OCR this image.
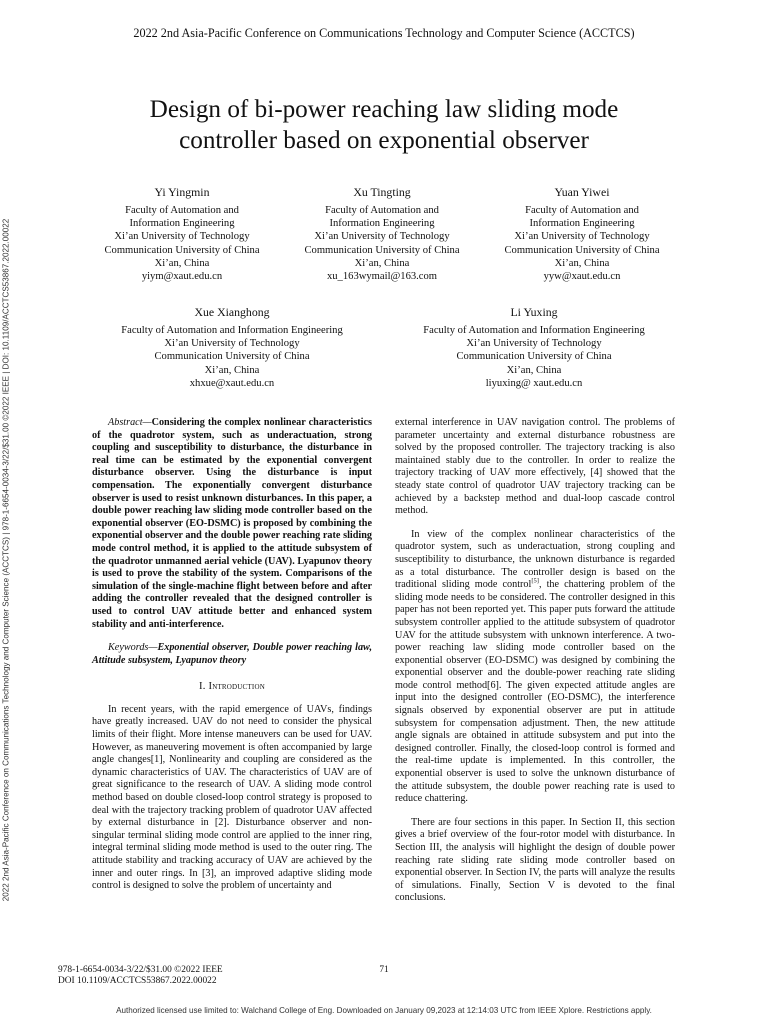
2022 2nd Asia-Pacific Conference on Communications Technology and Computer Science (ACCTCS)
Design of bi-power reaching law sliding mode
controller based on exponential observer
2022 2nd Asia-Pacific Conference on Communications Technology and Computer Science (ACCTCS) | 978-1-6654-0034-3/22/$31.00 ©2022 IEEE | DOI: 10.1109/ACCTCS53867.2022.00022
Yi Yingmin
Faculty of Automation and
Information Engineering
Xi’an University of Technology
Communication University of China
Xi’an, China
yiym@xaut.edu.cn
Xu Tingting
Faculty of Automation and
Information Engineering
Xi’an University of Technology
Communication University of China
Xi’an, China
xu_163wymail@163.com
Yuan Yiwei
Faculty of Automation and
Information Engineering
Xi’an University of Technology
Communication University of China
Xi’an, China
yyw@xaut.edu.cn
Xue Xianghong
Faculty of Automation and Information Engineering
Xi’an University of Technology
Communication University of China
Xi’an, China
xhxue@xaut.edu.cn
Li Yuxing
Faculty of Automation and Information Engineering
Xi’an University of Technology
Communication University of China
Xi’an, China
liyuxing@ xaut.edu.cn

Abstract—Considering the complex nonlinear characteristics of the quadrotor system, such as underactuation, strong coupling and susceptibility to disturbance, the disturbance in real time can be estimated by the exponential convergent disturbance observer. Using the disturbance is input compensation. The exponentially convergent disturbance observer is used to resist unknown disturbances. In this paper, a double power reaching law sliding mode controller based on the exponential observer (EO-DSMC) is proposed by combining the exponential observer and the double power reaching rate sliding mode control method, it is applied to the attitude subsystem of the quadrotor unmanned aerial vehicle (UAV). Lyapunov theory is used to prove the stability of the system. Comparisons of the simulation of the single-machine flight between before and after adding the controller revealed that the designed controller is used to control UAV attitude better and enhanced system stability and anti-interference.

Keywords—Exponential observer, Double power reaching law, Attitude subsystem, Lyapunov theory

I. Introduction

In recent years, with the rapid emergence of UAVs, findings have greatly increased. UAV do not need to consider the physical limits of their flight. More intense maneuvers can be used for UAV. However, as maneuvering movement is often accompanied by large angle changes[1], Nonlinearity and coupling are considered as the dynamic characteristics of UAV. The characteristics of UAV are of great significance to the research of UAV. A sliding mode control method based on double closed-loop control strategy is proposed to deal with the trajectory tracking problem of quadrotor UAV affected by external disturbance in [2]. Disturbance observer and non-singular terminal sliding mode control are applied to the inner ring, integral terminal sliding mode method is used to the outer ring. The attitude stability and tracking accuracy of UAV are achieved by the inner and outer rings. In [3], an improved adaptive sliding mode control is designed to solve the problem of uncertainty and

external interference in UAV navigation control. The problems of parameter uncertainty and external disturbance robustness are solved by the proposed controller. The trajectory tracking is also maintained stably due to the controller. In order to realize the trajectory tracking of UAV more effectively, [4] showed that the steady state control of quadrotor UAV trajectory tracking can be achieved by a backstep method and dual-loop cascade control method.

In view of the complex nonlinear characteristics of the quadrotor system, such as underactuation, strong coupling and susceptibility to disturbance, the unknown disturbance is regarded as a total disturbance. The controller design is based on the traditional sliding mode control[5], the chattering problem of the sliding mode needs to be considered. The controller designed in this paper has not been reported yet. This paper puts forward the attitude subsystem controller applied to the attitude subsystem of quadrotor UAV for the attitude subsystem with unknown interference. A two-power reaching law sliding mode controller based on the exponential observer (EO-DSMC) was designed by combining the exponential observer and the double-power reaching rate sliding mode control method[6]. The given expected attitude angles are input into the designed controller (EO-DSMC), the interference signals observed by exponential observer are put in attitude subsystem for compensation adjustment. Then, the new attitude angle signals are obtained in attitude subsystem and put into the designed controller. Finally, the closed-loop control is formed and the real-time update is implemented. In this controller, the exponential observer is used to solve the unknown disturbance of the attitude subsystem, the double power reaching rate is used to reduce chattering.

There are four sections in this paper. In Section II, this section gives a brief overview of the four-rotor model with disturbance. In Section III, the analysis will highlight the design of double power reaching rate sliding rate sliding mode controller based on exponential observer. In Section IV, the parts will analyze the results of simulations. Finally, Section V is devoted to the final conclusions.

978-1-6654-0034-3/22/$31.00 ©2022 IEEE
DOI 10.1109/ACCTCS53867.2022.00022
71
Authorized licensed use limited to: Walchand College of Eng. Downloaded on January 09,2023 at 12:14:03 UTC from IEEE Xplore. Restrictions apply.
